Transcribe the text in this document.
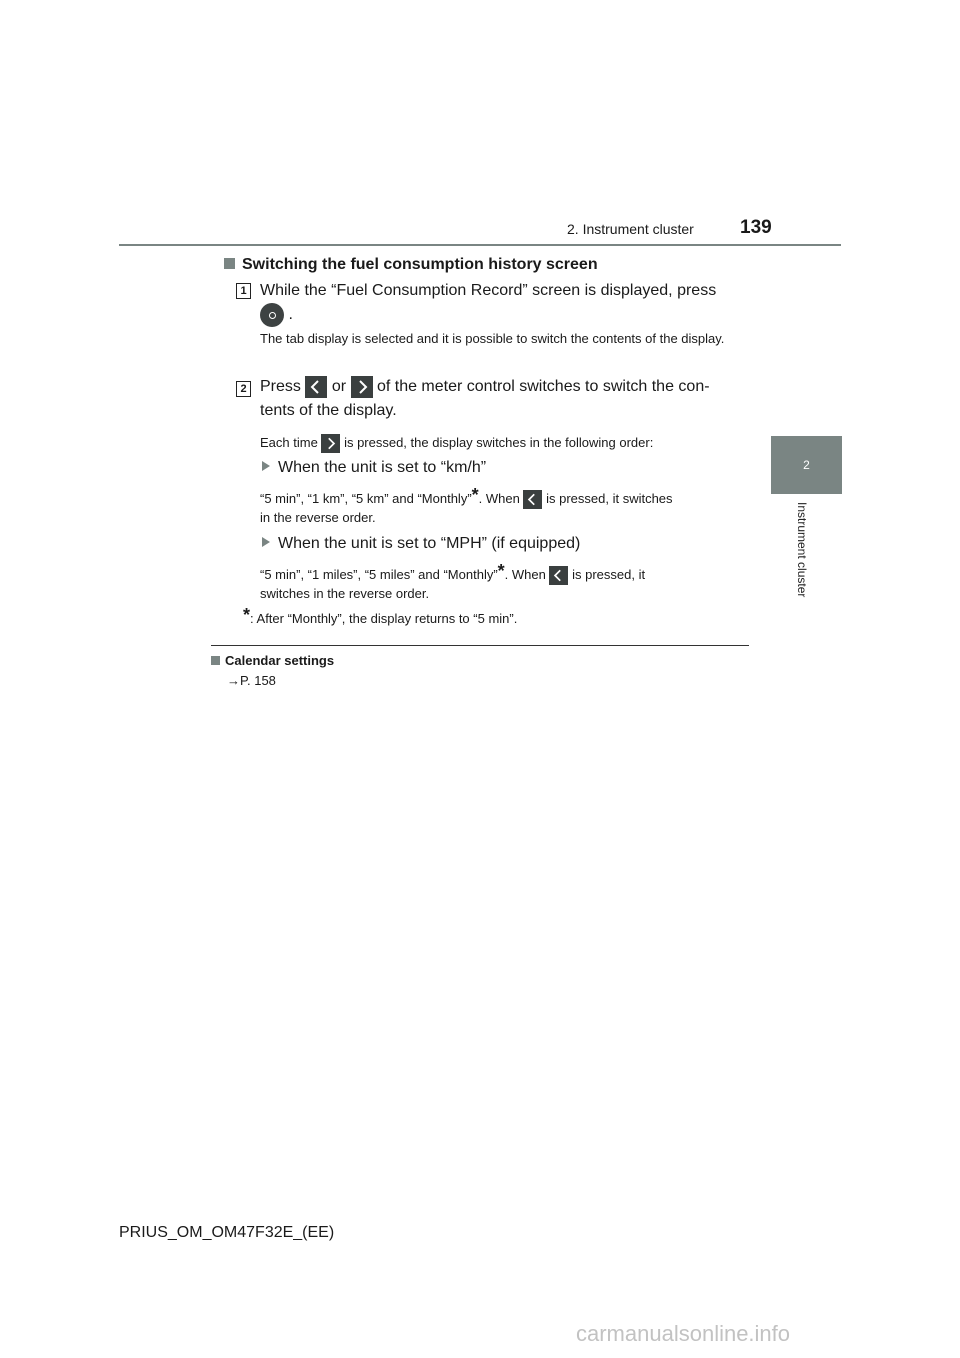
2. Instrument cluster 139
2
Instrument cluster
Switching the fuel consumption history screen
1 While the “Fuel Consumption Record” screen is displayed, press
.
The tab display is selected and it is possible to switch the contents of the display.
2 Press or of the meter control switches to switch the con-
tents of the display.
Each time is pressed, the display switches in the following order:
When the unit is set to “km/h”
“5 min”, “1 km”, “5 km” and “Monthly”*. When is pressed, it switches
in the reverse order.
When the unit is set to “MPH” (if equipped)
“5 min”, “1 miles”, “5 miles” and “Monthly”*. When is pressed, it
switches in the reverse order.
*: After “Monthly”, the display returns to “5 min”.
Calendar settings
→P. 158
PRIUS_OM_OM47F32E_(EE)
carmanualsonline.info
